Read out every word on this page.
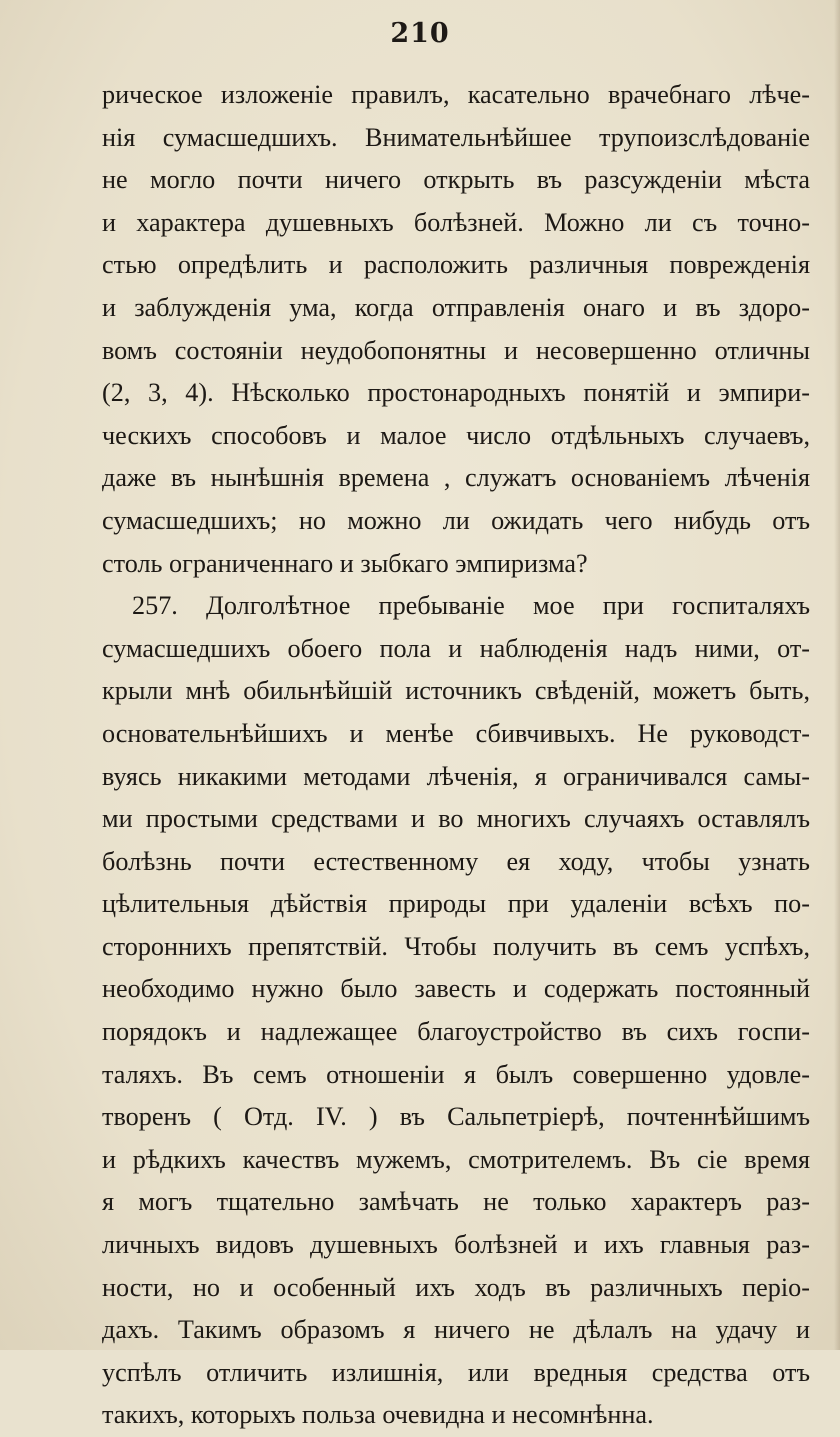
210
рическое изложеніе правилъ, касательно врачебнаго лѣче-
нія сумасшедшихъ. Внимательнѣйшее трупоизслѣдованіе
не могло почти ничего открыть въ разсужденіи мѣста
и характера душевныхъ болѣзней. Можно ли съ точно-
стью опредѣлить и расположить различныя поврежденія
и заблужденія ума, когда отправленія онаго и въ здоро-
вомъ состояніи неудобопонятны и несовершенно отличны
(2, 3, 4). Нѣсколько простонародныхъ понятій и эмпири-
ческихъ способовъ и малое число отдѣльныхъ случаевъ,
даже въ нынѣшнія времена , служатъ основаніемъ лѣченія
сумасшедшихъ; но можно ли ожидать чего нибудь отъ
столь ограниченнаго и зыбкаго эмпиризма?
257. Долголѣтное пребываніе мое при госпиталяхъ
сумасшедшихъ обоего пола и наблюденія надъ ними, от-
крыли мнѣ обильнѣйшій источникъ свѣденій, можетъ быть,
основательнѣйшихъ и менѣе сбивчивыхъ. Не руководст-
вуясь никакими методами лѣченія, я ограничивался самы-
ми простыми средствами и во многихъ случаяхъ оставлялъ
болѣзнь почти естественному ея ходу, чтобы узнать
цѣлительныя дѣйствія природы при удаленіи всѣхъ по-
стороннихъ препятствій. Чтобы получить въ семъ успѣхъ,
необходимо нужно было завесть и содержать постоянный
порядокъ и надлежащее благоустройство въ сихъ госпи-
таляхъ. Въ семъ отношеніи я былъ совершенно удовле-
творенъ ( Отд. IV. ) въ Сальпетріерѣ, почтеннѣйшимъ
и рѣдкихъ качествъ мужемъ, смотрителемъ. Въ сіе время
я могъ тщательно замѣчать не только характеръ раз-
личныхъ видовъ душевныхъ болѣзней и ихъ главныя раз-
ности, но и особенный ихъ ходъ въ различныхъ періо-
дахъ. Такимъ образомъ я ничего не дѣлалъ на удачу и
успѣлъ отличить излишнія, или вредныя средства отъ
такихъ, которыхъ польза очевидна и несомнѣнна.
